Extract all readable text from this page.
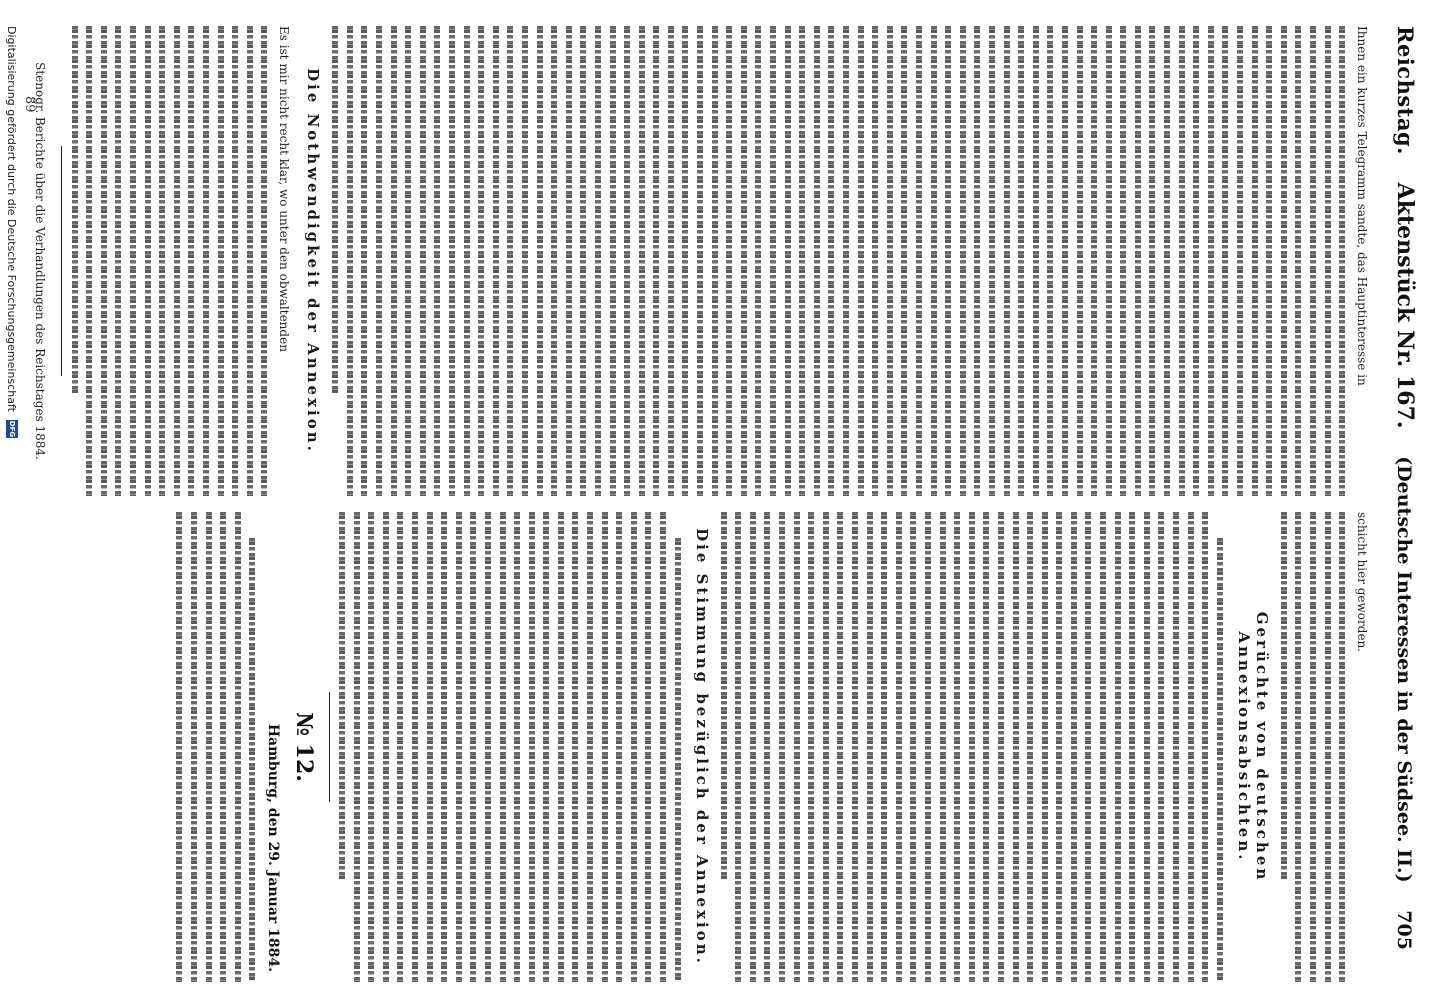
Reichstag.
Aktenstück Nr. 167.
(Deutsche Interessen in der Südsee. II.)
705
Ihnen ein kurzes Telegramm sandte, das Hauptinteresse in
Die Nothwendigkeit der Annexion.
Es ist mir nicht recht klar, wo unter den obwaltenden
Stenogr. Berichte über die Verhandlungen des Reichstages 1884.
schicht hier geworden.
Gerüchte von deutschen Annexionsabsichten.
Die Stimmung bezüglich der Annexion.
№ 12.
Hamburg, den 29. Januar 1884.
89
Digitalisierung gefördert durch die Deutsche Forschungsgemeinschaft
DFG
